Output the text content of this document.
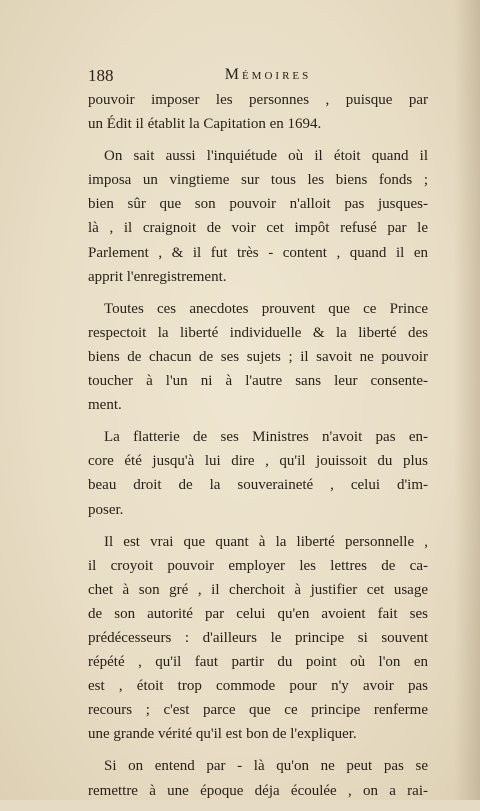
188	Mémoires
pouvoir imposer les personnes , puisque par
un Édit il établit la Capitation en 1694.
On sait aussi l'inquiétude où il étoit quand il
imposa un vingtieme sur tous les biens fonds ;
bien sûr que son pouvoir n'alloit pas jusques-
là , il craignoit de voir cet impôt refusé par le
Parlement , & il fut très - content , quand il en
apprit l'enregistrement.
Toutes ces anecdotes prouvent que ce Prince
respectoit la liberté individuelle & la liberté des
biens de chacun de ses sujets ; il savoit ne pouvoir
toucher à l'un ni à l'autre sans leur consente-
ment.
La flatterie de ses Ministres n'avoit pas en-
core été jusqu'à lui dire , qu'il jouissoit du plus
beau droit de la souveraineté , celui d'im-
poser.
Il est vrai que quant à la liberté personnelle ,
il croyoit pouvoir employer les lettres de ca-
chet à son gré , il cherchoit à justifier cet usage
de son autorité par celui qu'en avoient fait ses
prédécesseurs : d'ailleurs le principe si souvent
répété , qu'il faut partir du point où l'on en
est , étoit trop commode pour n'y avoir pas
recours ; c'est parce que ce principe renferme
une grande vérité qu'il est bon de l'expliquer.
Si on entend par - là qu'on ne peut pas se
remettre à une époque déja écoulée , on a rai-
